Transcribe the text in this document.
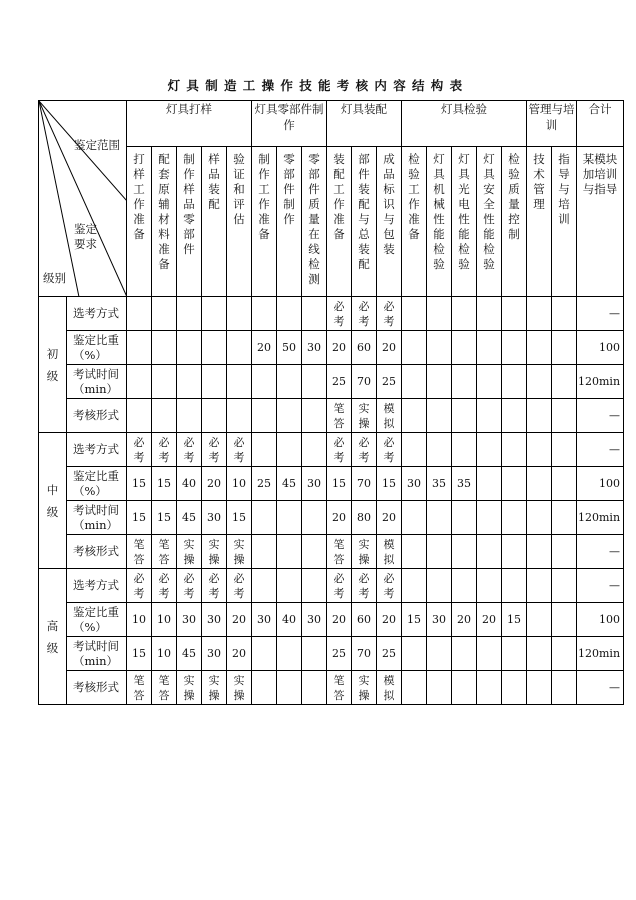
灯具制造工操作技能考核内容结构表
鉴定范围
鉴定
要求
级别		灯具打样					灯具零部件制作			灯具装配			灯具检验					管理与培训		合计
		打样工作准备	配套原辅材料准备	制作样品零部件	样品装配	验证和评估	制作工作准备	零部件制作	零部件质量在线检测	装配工作准备	部件装配与总装配	成品标识与包装	检验工作准备	灯具机械性能检验	灯具光电性能检验	灯具安全性能检验	检验质量控制	技术管理	指导与培训	某模块加培训与指导
初级	选考方式									必考	必考	必考								—
	鉴定比重（%）						20	50	30	20	60	20								100
	考试时间（min）									25	70	25								120min
	考核形式									笔答	实操	模拟								—
中级	选考方式	必考	必考	必考	必考	必考				必考	必考	必考								—
	鉴定比重（%）	15	15	40	20	10	25	45	30	15	70	15	30	35	35					100
	考试时间（min）	15	15	45	30	15				20	80	20								120min
	考核形式	笔答	笔答	实操	实操	实操				笔答	实操	模拟								—
高级	选考方式	必考	必考	必考	必考	必考				必考	必考	必考								—
	鉴定比重（%）	10	10	30	30	20	30	40	30	20	60	20	15	30	20	20	15			100
	考试时间（min）	15	10	45	30	20				25	70	25								120min
	考核形式	笔答	笔答	实操	实操	实操				笔答	实操	模拟								—
